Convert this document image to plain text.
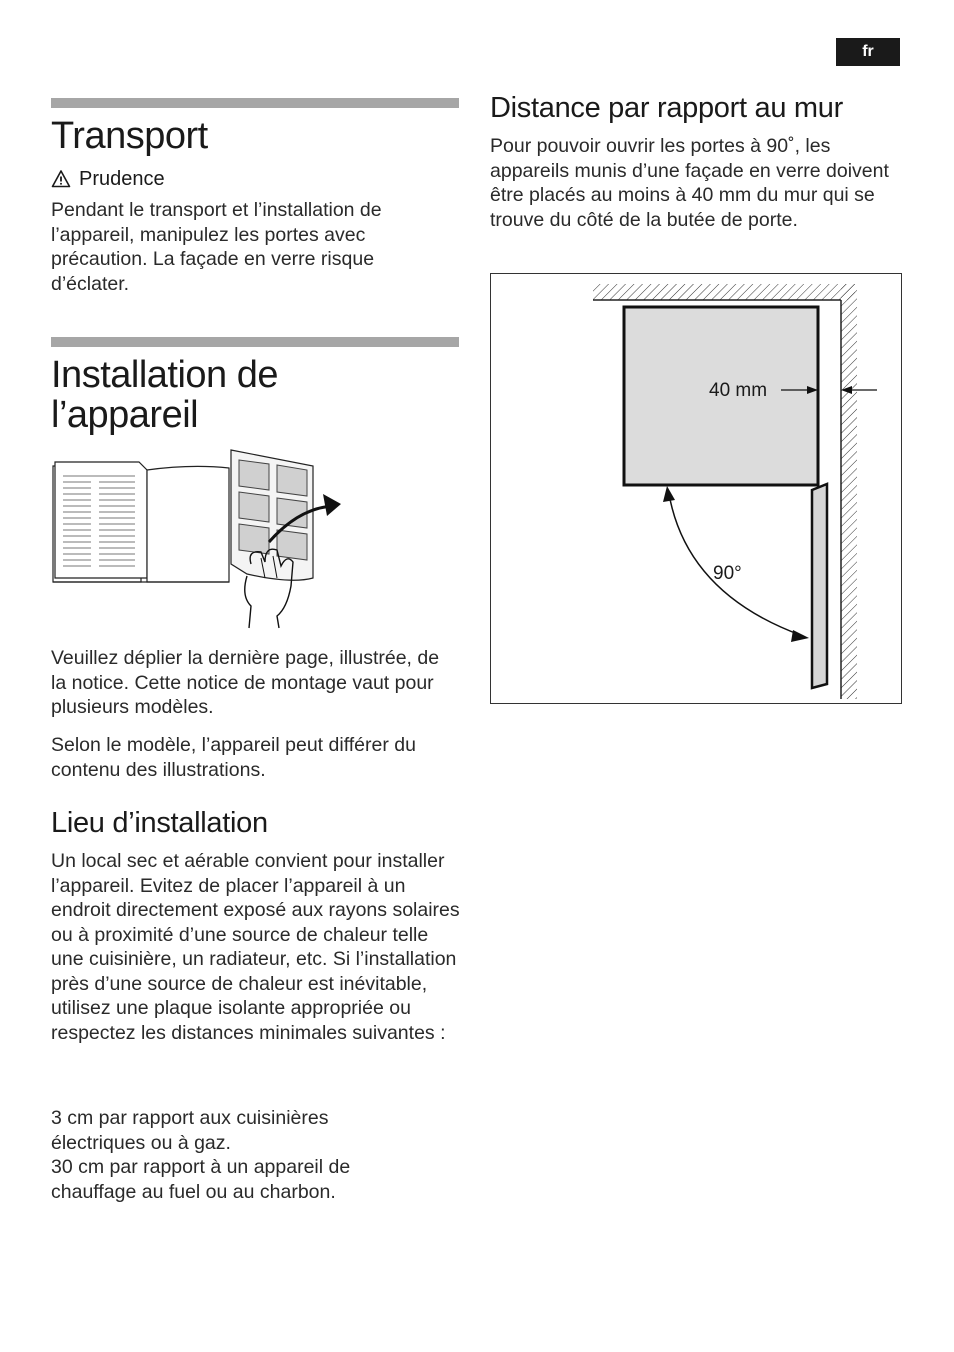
fr
Transport
Prudence

Pendant le transport et l’installation de l’appareil, manipulez les portes avec précaution. La façade en verre risque d’éclater.

Installation de l’appareil

Veuillez déplier la dernière page, illustrée, de la notice. Cette notice de montage vaut pour plusieurs modèles.

Selon le modèle, l’appareil peut différer du contenu des illustrations.

Lieu d’installation

Un local sec et aérable convient pour installer l’appareil. Evitez de placer l’appareil à un endroit directement exposé aux rayons solaires ou à proximité d’une source de chaleur telle une cuisinière, un radiateur, etc. Si l’installation près d’une source de chaleur est inévitable, utilisez une plaque isolante appropriée ou respectez les distances minimales suivantes :

3 cm par rapport aux cuisinières électriques ou à gaz.

30 cm par rapport à un appareil de chauffage au fuel ou au charbon.

Distance par rapport au mur

Pour pouvoir ouvrir les portes à 90˚, les appareils munis d’une façade en verre doivent être placés au moins à 40 mm du mur qui se trouve du côté de la butée de porte.

40 mm
90°
